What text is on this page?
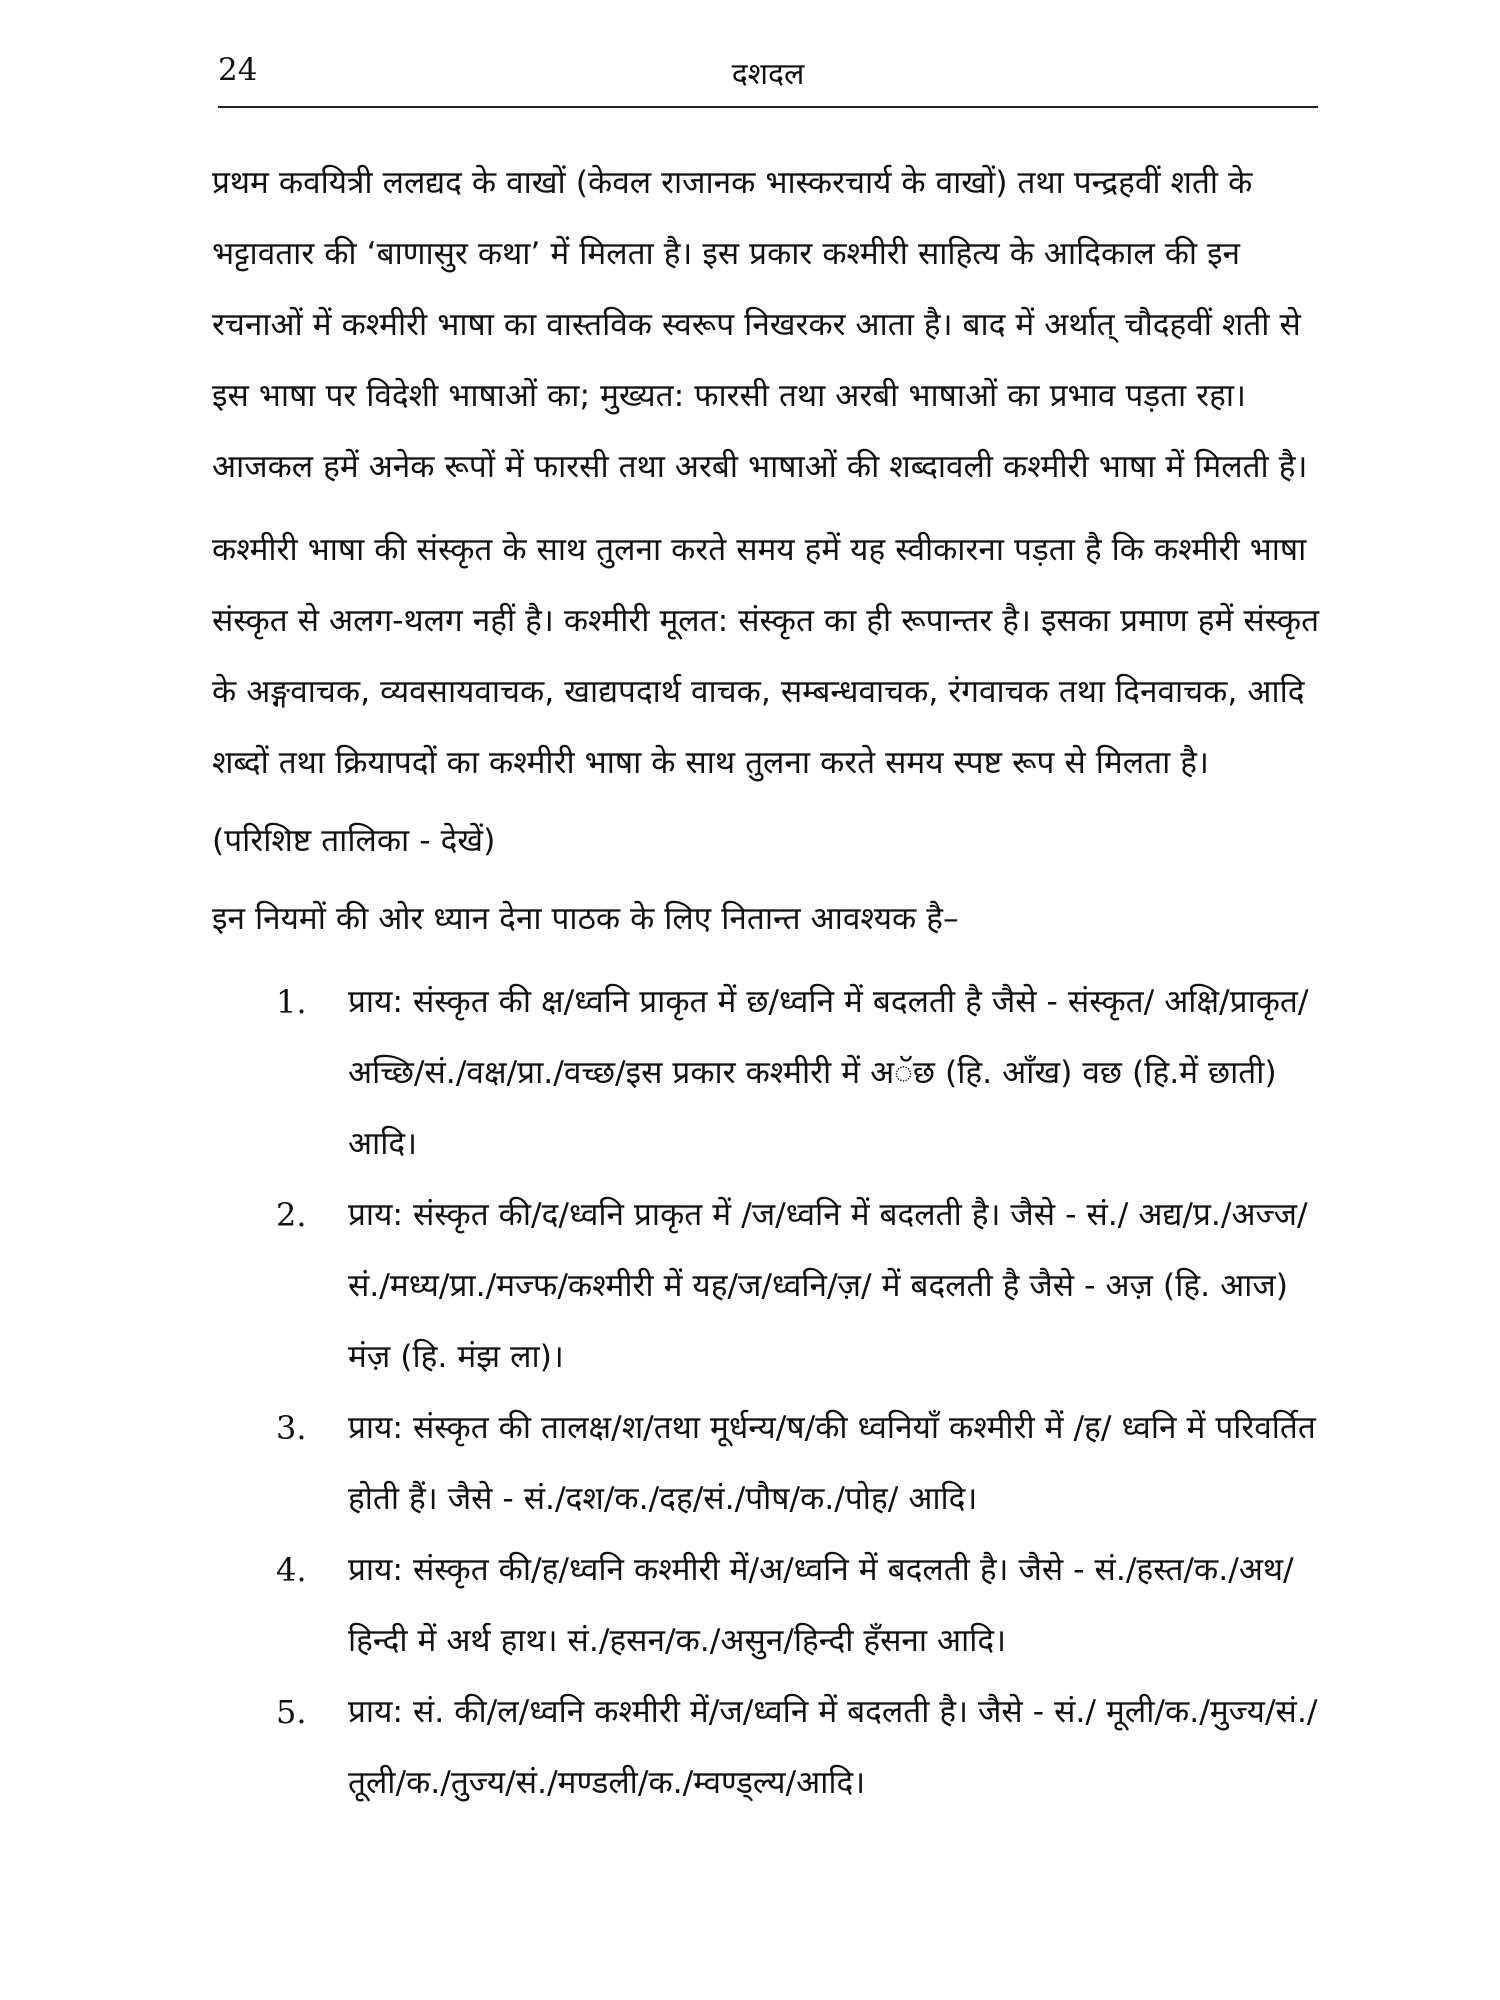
24	दशदल

प्रथम कवयित्री ललद्यद के वाखों (केवल राजानक भास्करचार्य के वाखों) तथा पन्द्रहवीं शती के भट्टावतार की ‘बाणासुर कथा’ में मिलता है। इस प्रकार कश्मीरी साहित्य के आदिकाल की इन रचनाओं में कश्मीरी भाषा का वास्तविक स्वरूप निखरकर आता है। बाद में अर्थात् चौदहवीं शती से इस भाषा पर विदेशी भाषाओं का; मुख्यत: फारसी तथा अरबी भाषाओं का प्रभाव पड़ता रहा। आजकल हमें अनेक रूपों में फारसी तथा अरबी भाषाओं की शब्दावली कश्मीरी भाषा में मिलती है।

कश्मीरी भाषा की संस्कृत के साथ तुलना करते समय हमें यह स्वीकारना पड़ता है कि कश्मीरी भाषा संस्कृत से अलग-थलग नहीं है। कश्मीरी मूलत: संस्कृत का ही रूपान्तर है। इसका प्रमाण हमें संस्कृत के अङ्गवाचक, व्यवसायवाचक, खाद्यपदार्थ वाचक, सम्बन्धवाचक, रंगवाचक तथा दिनवाचक, आदि शब्दों तथा क्रियापदों का कश्मीरी भाषा के साथ तुलना करते समय स्पष्ट रूप से मिलता है।

(परिशिष्ट तालिका - देखें)

इन नियमों की ओर ध्यान देना पाठक के लिए नितान्त आवश्यक है–

1. प्राय: संस्कृत की क्ष/ध्वनि प्राकृत में छ/ध्वनि में बदलती है जैसे - संस्कृत/ अक्षि/प्राकृत/अच्छि/सं./वक्ष/प्रा./वच्छ/इस प्रकार कश्मीरी में अॅछ (हि. आँख) वछ (हि.में छाती) आदि।
2. प्राय: संस्कृत की/द/ध्वनि प्राकृत में /ज/ध्वनि में बदलती है। जैसे - सं./ अद्य/प्र./अज्ज/सं./मध्य/प्रा./मज्फ/कश्मीरी में यह/ज/ध्वनि/ज़/ में बदलती है जैसे - अज़ (हि. आज) मंज़ (हि. मंझ ला)।
3. प्राय: संस्कृत की तालक्ष/श/तथा मूर्धन्य/ष/की ध्वनियाँ कश्मीरी में /ह/ ध्वनि में परिवर्तित होती हैं। जैसे - सं./दश/क./दह/सं./पौष/क./पोह/ आदि।
4. प्राय: संस्कृत की/ह/ध्वनि कश्मीरी में/अ/ध्वनि में बदलती है। जैसे - सं./हस्त/क./अथ/हिन्दी में अर्थ हाथ। सं./हसन/क./असुन/हिन्दी हँसना आदि।
5. प्राय: सं. की/ल/ध्वनि कश्मीरी में/ज/ध्वनि में बदलती है। जैसे - सं./ मूली/क./मुज्य/सं./तूली/क./तुज्य/सं./मण्डली/क./म्वण्ड्ल्य/आदि।
